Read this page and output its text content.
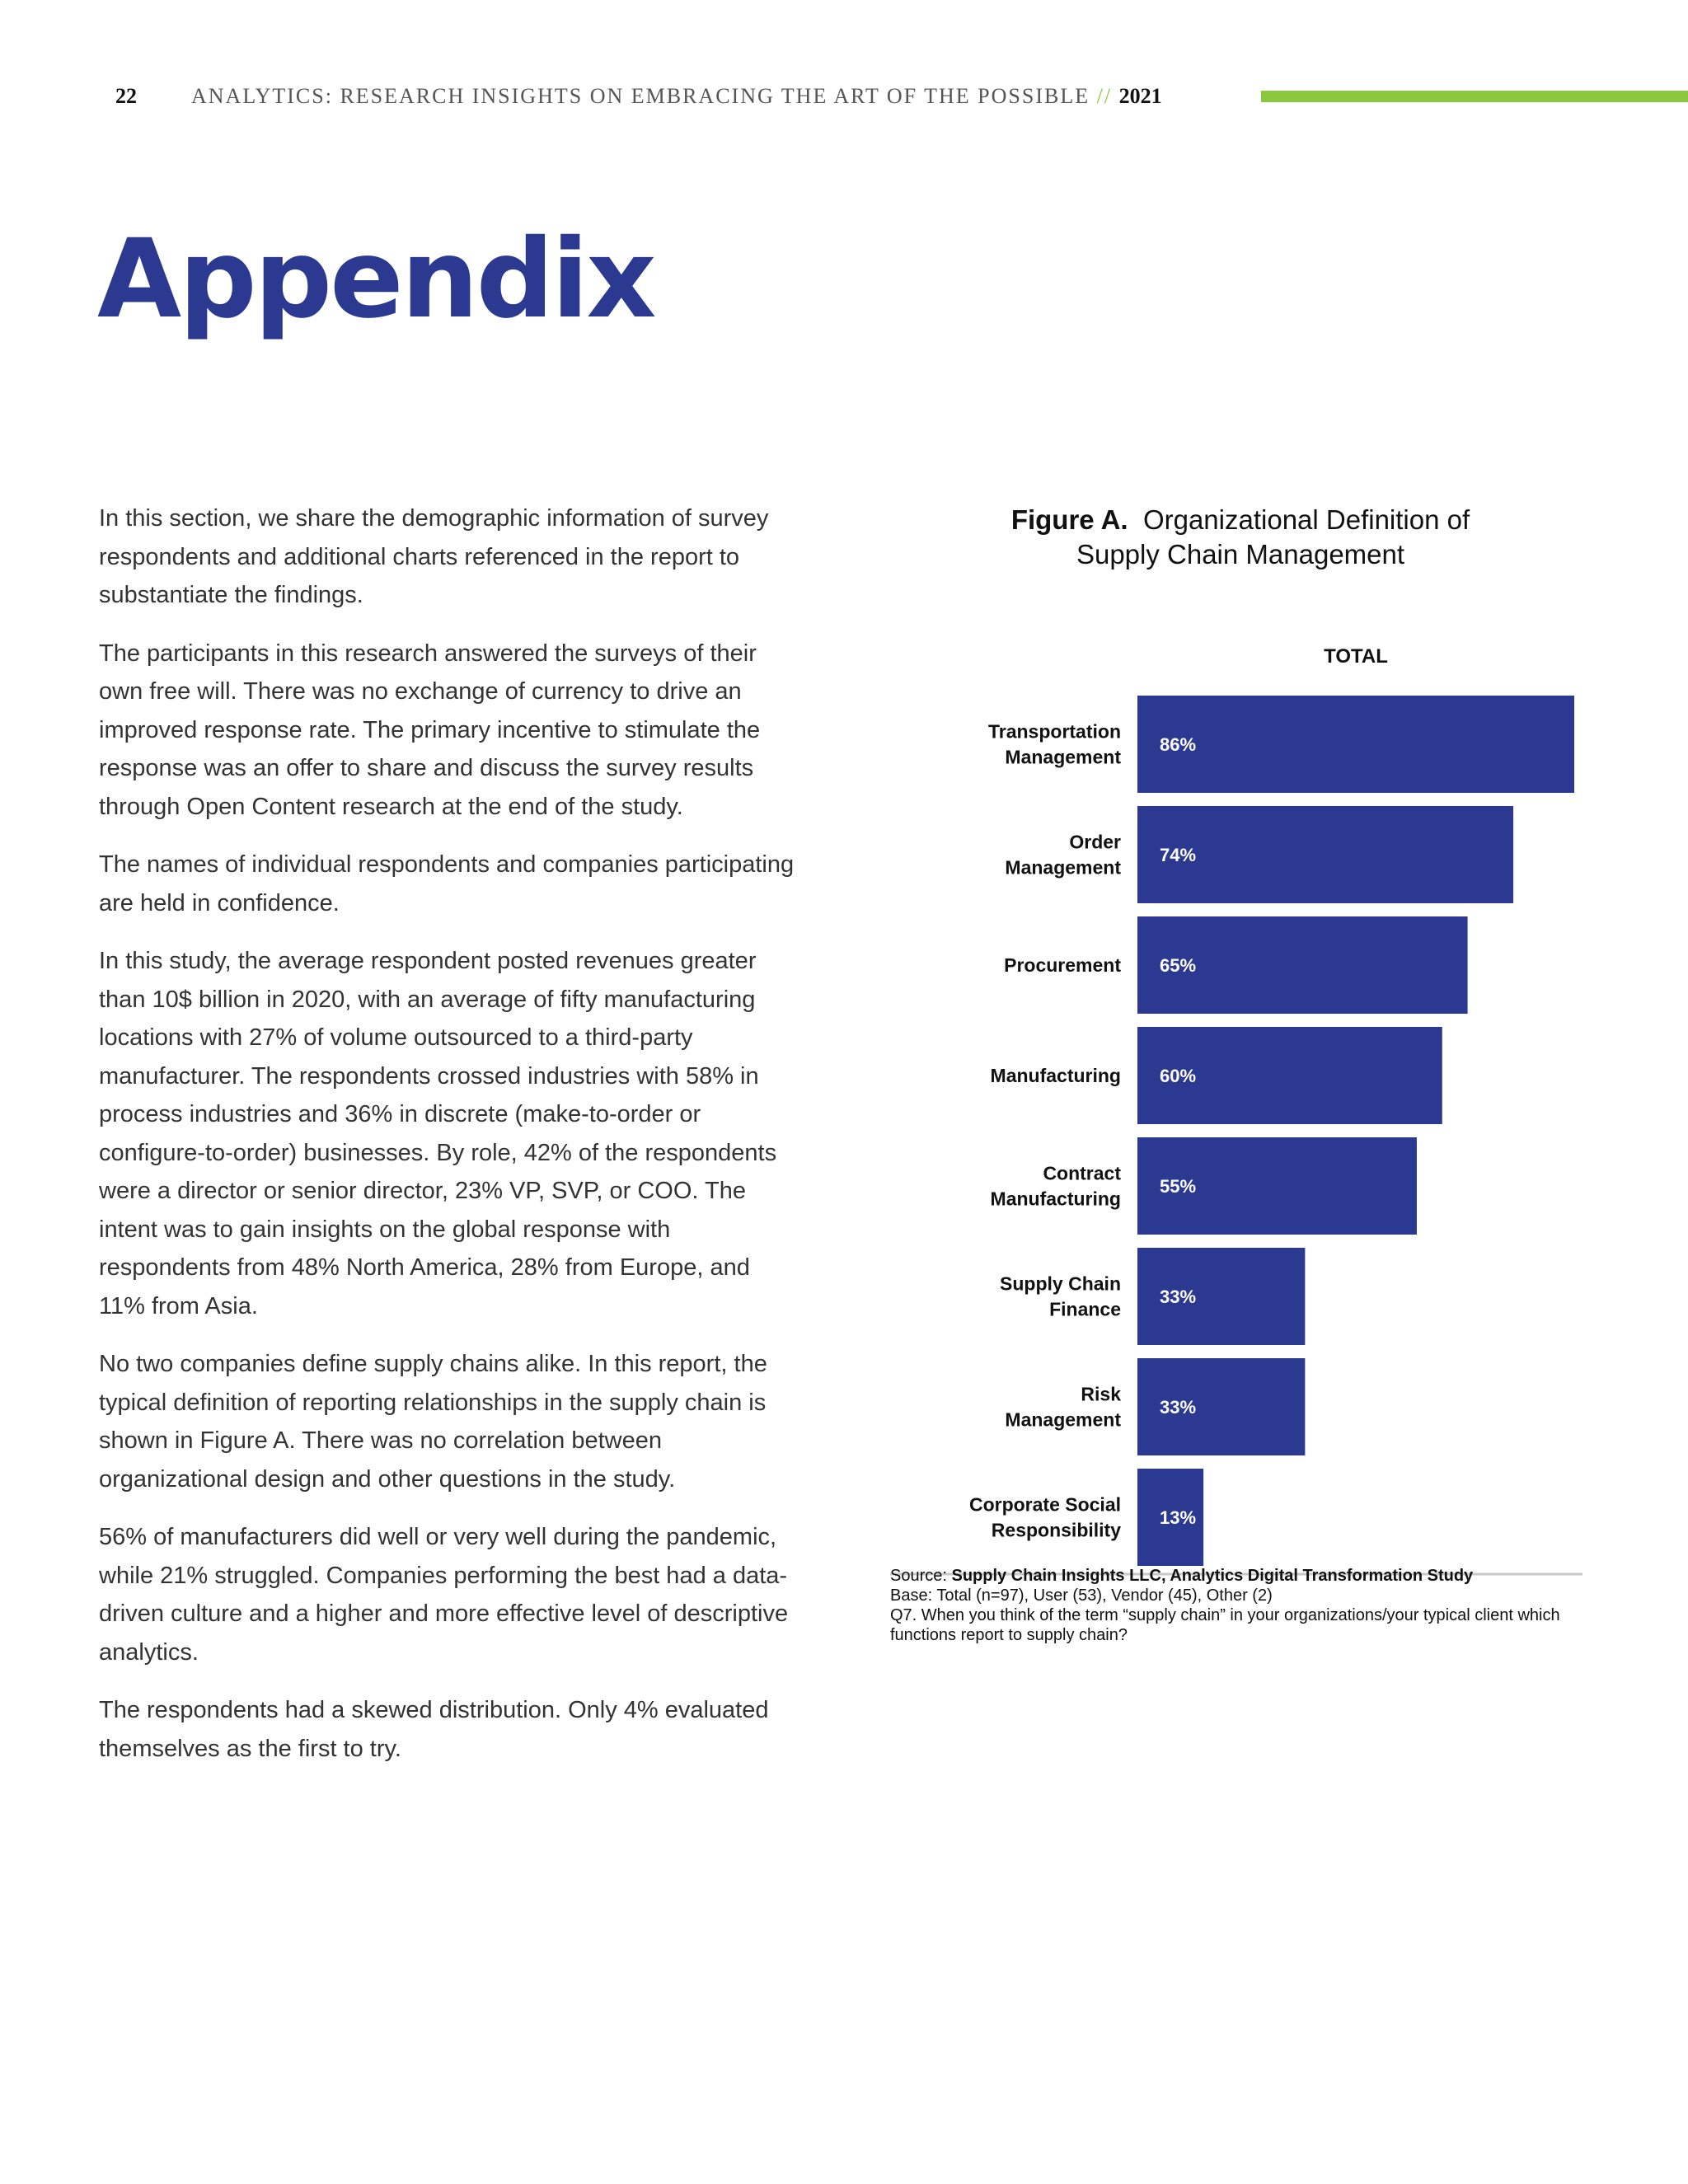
22	ANALYTICS: RESEARCH INSIGHTS ON EMBRACING THE ART OF THE POSSIBLE // 2021
Appendix

In this section, we share the demographic information of survey respondents and additional charts referenced in the report to substantiate the findings.

The participants in this research answered the surveys of their own free will. There was no exchange of currency to drive an improved response rate. The primary incentive to stimulate the response was an offer to share and discuss the survey results through Open Content research at the end of the study.

The names of individual respondents and companies participating are held in confidence.

In this study, the average respondent posted revenues greater than 10$ billion in 2020, with an average of fifty manufacturing locations with 27% of volume outsourced to a third-party manufacturer. The respondents crossed industries with 58% in process industries and 36% in discrete (make-to-order or configure-to-order) businesses. By role, 42% of the respondents were a director or senior director, 23% VP, SVP, or COO. The intent was to gain insights on the global response with respondents from 48% North America, 28% from Europe, and 11% from Asia.

No two companies define supply chains alike. In this report, the typical definition of reporting relationships in the supply chain is shown in Figure A. There was no correlation between organizational design and other questions in the study.

56% of manufacturers did well or very well during the pandemic, while 21% struggled. Companies performing the best had a data-driven culture and a higher and more effective level of descriptive analytics.

The respondents had a skewed distribution. Only 4% evaluated themselves as the first to try.

Figure A. Organizational Definition of
Supply Chain Management
TOTAL
86%
Transportation Management
74%
Order Management
65%
Procurement
60%
Manufacturing
55%
Contract Manufacturing
33%
Supply Chain Finance
33%
Risk Management
13%
Corporate Social Responsibility
Source: Supply Chain Insights LLC, Analytics Digital Transformation Study
Base: Total (n=97), User (53), Vendor (45), Other (2)
Q7. When you think of the term “supply chain” in your organizations/your typical client which functions report to supply chain?
